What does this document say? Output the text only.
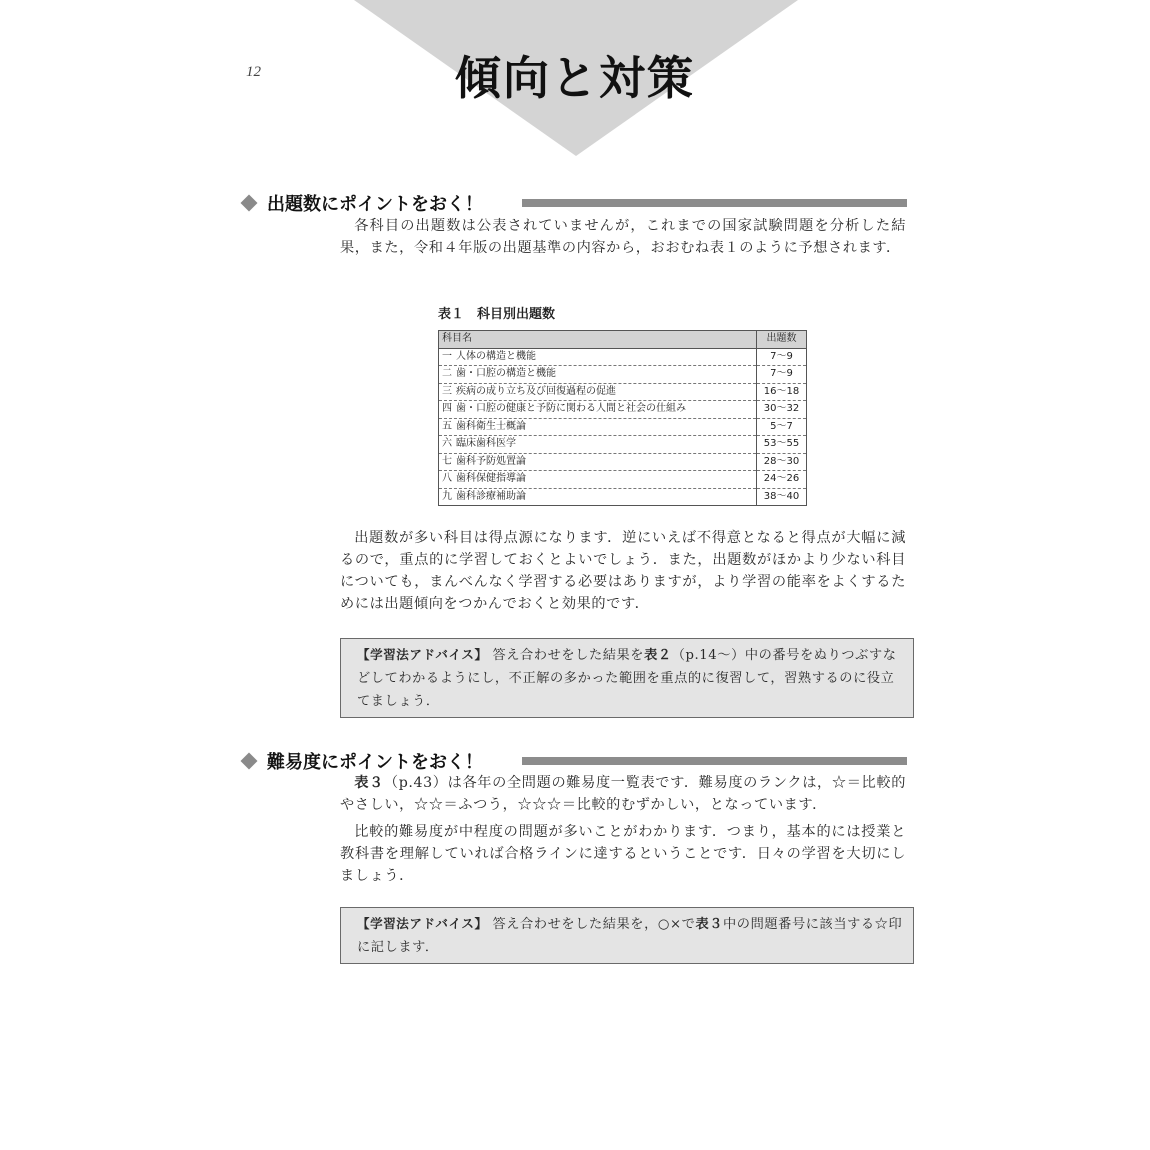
12	傾向と対策
出題数にポイントをおく！
各科目の出題数は公表されていませんが，これまでの国家試験問題を分析した結果，また，令和４年版の出題基準の内容から，おおむね表１のように予想されます．
表１　科目別出題数
科目名	出題数
一 人体の構造と機能	7～9
二 歯・口腔の構造と機能	7～9
三 疾病の成り立ち及び回復過程の促進	16～18
四 歯・口腔の健康と予防に関わる人間と社会の仕組み	30～32
五 歯科衛生士概論	5～7
六 臨床歯科医学	53～55
七 歯科予防処置論	28～30
八 歯科保健指導論	24～26
九 歯科診療補助論	38～40
出題数が多い科目は得点源になります．逆にいえば不得意となると得点が大幅に減るので，重点的に学習しておくとよいでしょう．また，出題数がほかより少ない科目についても，まんべんなく学習する必要はありますが，より学習の能率をよくするためには出題傾向をつかんでおくと効果的です．
【学習法アドバイス】 答え合わせをした結果を表２（p.14～）中の番号をぬりつぶすなどしてわかるようにし，不正解の多かった範囲を重点的に復習して，習熟するのに役立てましょう．
難易度にポイントをおく！
表３（p.43）は各年の全問題の難易度一覧表です．難易度のランクは，☆＝比較的やさしい，☆☆＝ふつう，☆☆☆＝比較的むずかしい，となっています．
比較的難易度が中程度の問題が多いことがわかります．つまり，基本的には授業と教科書を理解していれば合格ラインに達するということです．日々の学習を大切にしましょう．
【学習法アドバイス】 答え合わせをした結果を，○×で表３中の問題番号に該当する☆印に記します．
